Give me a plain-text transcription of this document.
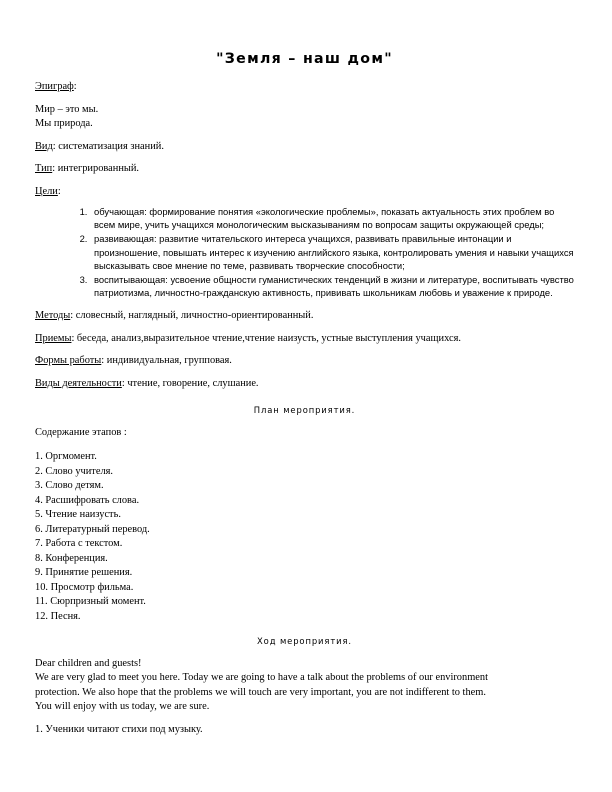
"Земля – наш дом"

Эпиграф:

Мир – это мы.

Мы природа.

Вид: систематизация знаний.

Тип: интегрированный.

Цели:

1. обучающая: формирование понятия «экологические проблемы», показать актуальность этих проблем во всем мире, учить учащихся монологическим высказываниям по вопросам защиты окружающей среды;
2. развивающая: развитие читательского интереса учащихся, развивать правильные интонации и произношение, повышать интерес к изучению английского языка, контролировать умения и навыки учащихся высказывать свое мнение по теме, развивать творческие способности;
3. воспитывающая: усвоение общности гуманистических тенденций в жизни и литературе, воспитывать чувство патриотизма, личностно-гражданскую активность, прививать школьникам любовь и уважение к природе.

Методы: словесный, наглядный, личностно-ориентированный.

Приемы: беседа, анализ,выразительное чтение,чтение наизусть, устные выступления учащихся.

Формы работы: индивидуальная, групповая.

Виды деятельности: чтение, говорение, слушание.

План мероприятия.

Содержание этапов :

1. Оргмомент.
2. Слово учителя.
3. Слово детям.
4. Расшифровать слова.
5. Чтение наизусть.
6. Литературный перевод.
7. Работа с текстом.
8. Конференция.
9. Принятие решения.
10. Просмотр фильма.
11. Сюрпризный момент.
12. Песня.

Ход мероприятия.

Dear children and guests!

We are very glad to meet you here. Today we are going to have a talk about the problems of our environment

protection. We also hope that the problems we will touch are very important, you are not indifferent to them.

You will enjoy with us today, we are sure.

1. Ученики читают стихи под музыку.
